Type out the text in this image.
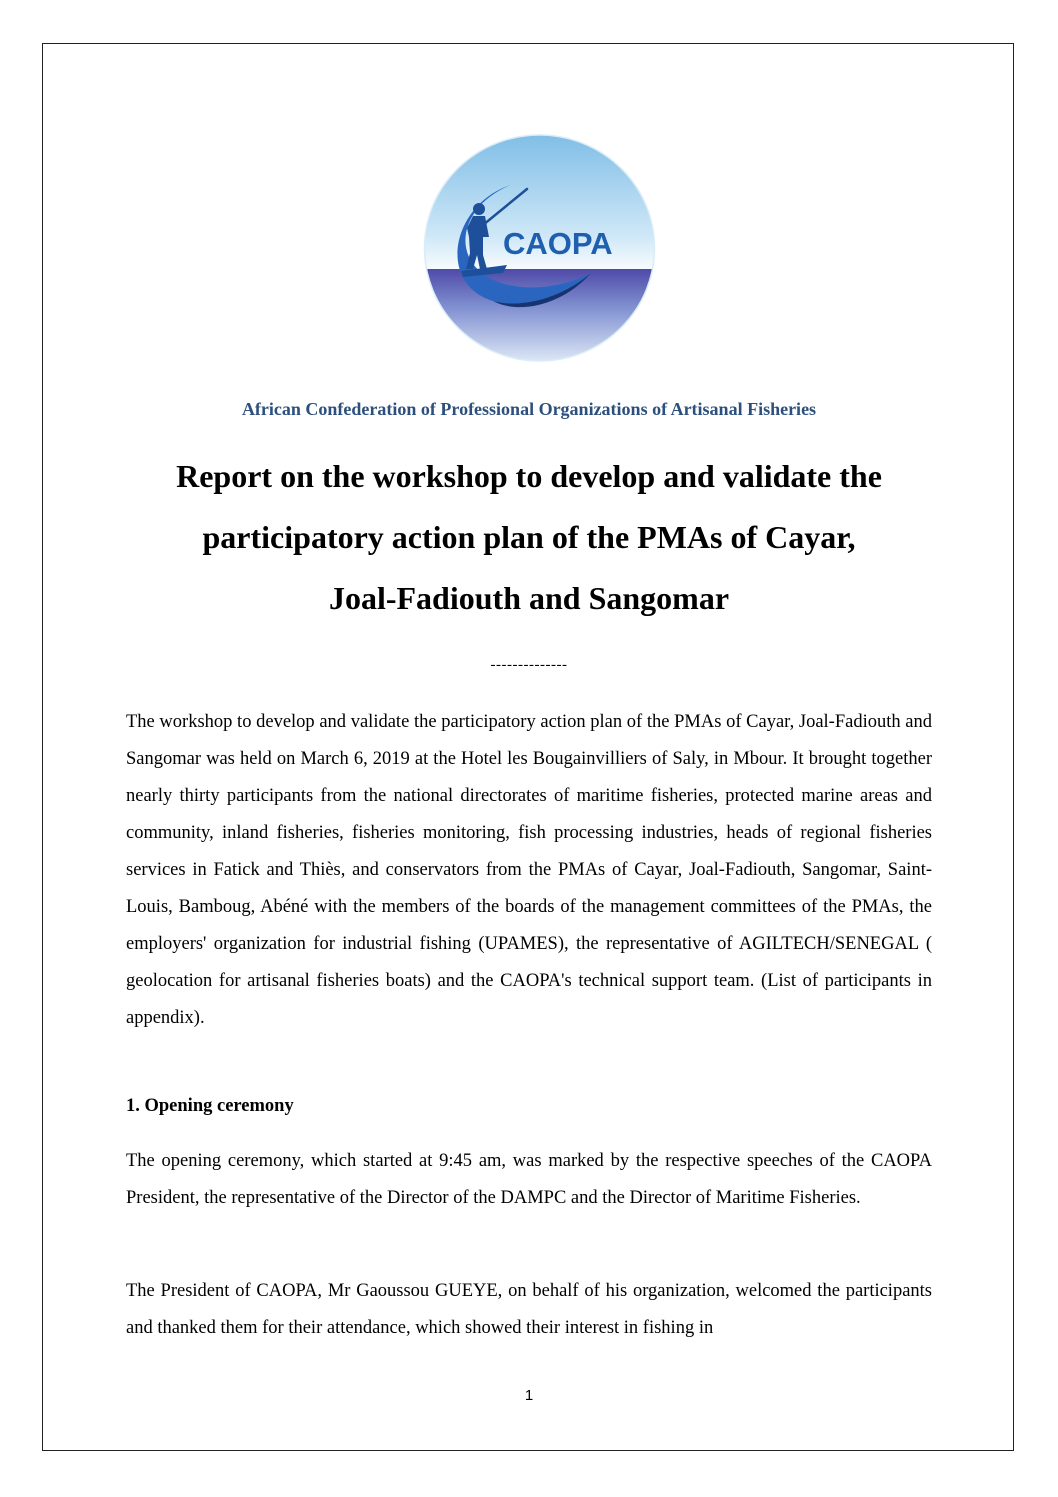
CAOPA
African Confederation of Professional Organizations of Artisanal Fisheries
Report on the workshop to develop and validate the
participatory action plan of the PMAs of Cayar,
Joal-Fadiouth and Sangomar
--------------

The workshop to develop and validate the participatory action plan of the PMAs of Cayar, Joal-Fadiouth and Sangomar was held on March 6, 2019 at the Hotel les Bougainvilliers of Saly, in Mbour. It brought together nearly thirty participants from the national directorates of maritime fisheries, protected marine areas and community, inland fisheries, fisheries monitoring, fish processing industries, heads of regional fisheries services in Fatick and Thiès, and conservators from the PMAs of Cayar, Joal-Fadiouth, Sangomar, Saint-Louis, Bamboug, Abéné with the members of the boards of the management committees of the PMAs, the employers' organization for industrial fishing (UPAMES), the representative of AGILTECH/SENEGAL ( geolocation for artisanal fisheries boats) and the CAOPA's technical support team. (List of participants in appendix).

1. Opening ceremony

The opening ceremony, which started at 9:45 am, was marked by the respective speeches of the CAOPA President, the representative of the Director of the DAMPC and the Director of Maritime Fisheries.

The President of CAOPA, Mr Gaoussou GUEYE, on behalf of his organization, welcomed the participants and thanked them for their attendance, which showed their interest in fishing in

1
